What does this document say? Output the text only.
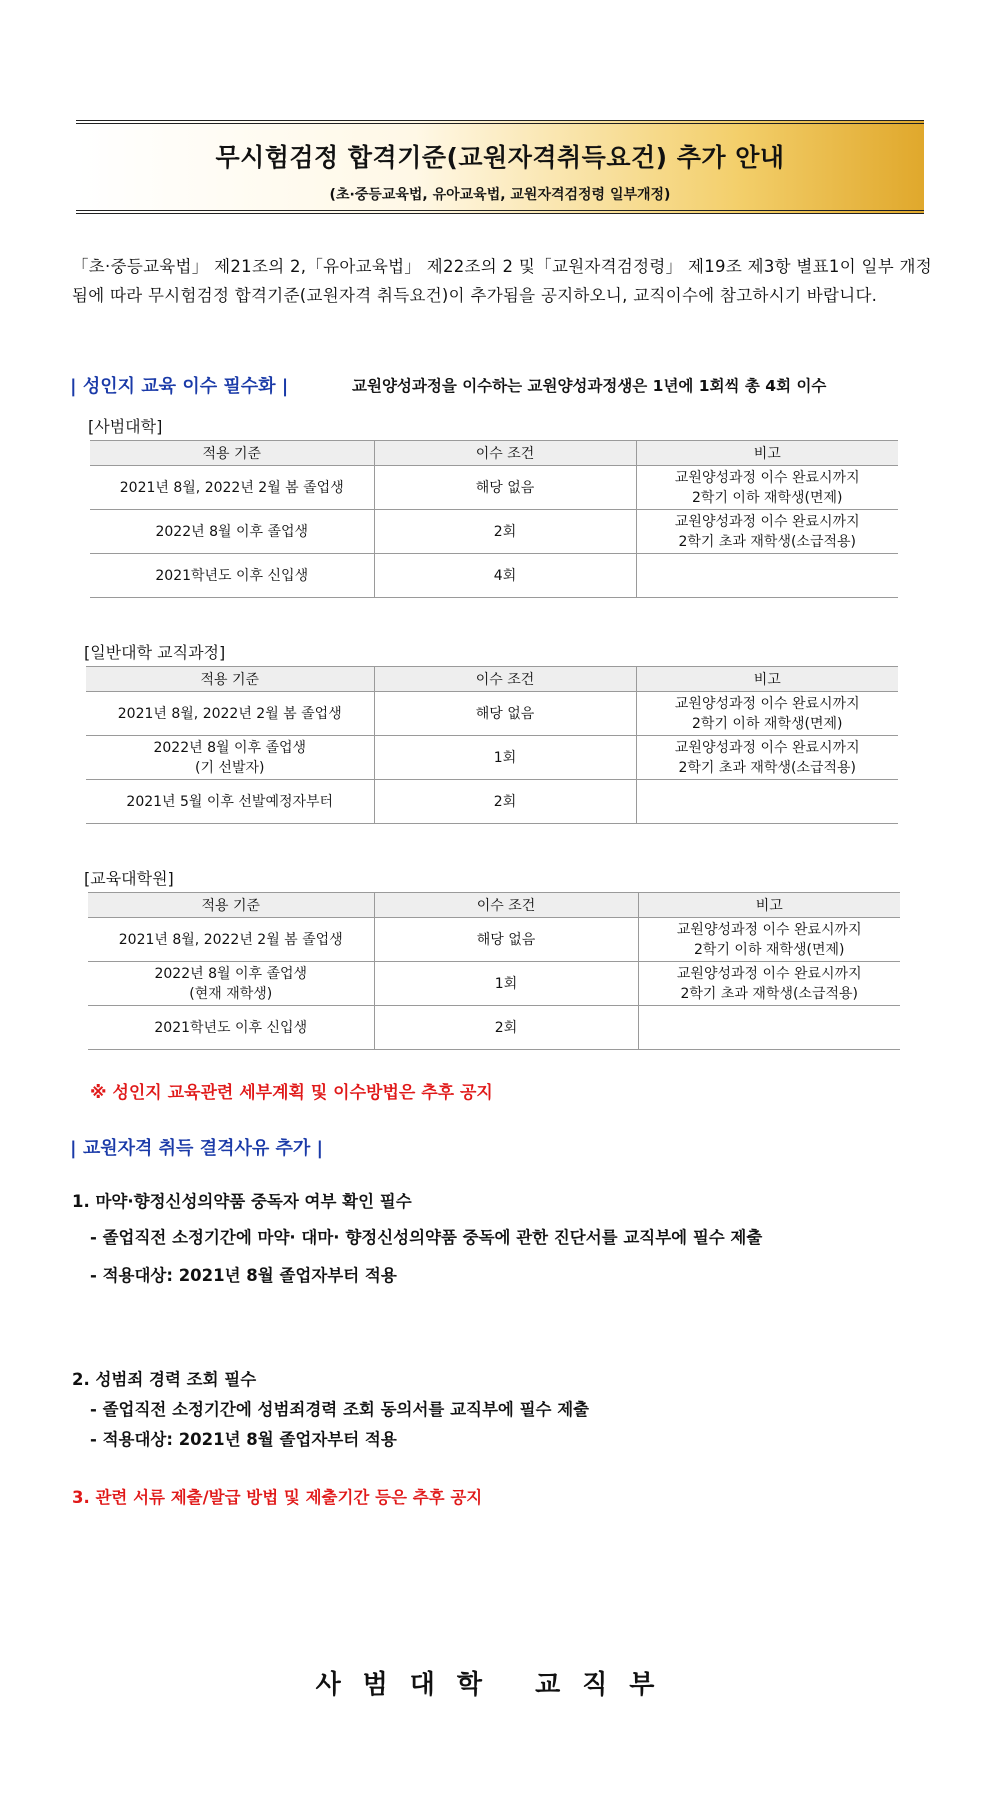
무시험검정 합격기준(교원자격취득요건) 추가 안내
(초·중등교육법, 유아교육법, 교원자격검정령 일부개정)
「초·중등교육법」 제21조의 2,「유아교육법」 제22조의 2 및「교원자격검정령」 제19조 제3항 별표1이 일부 개정됨에 따라 무시험검정 합격기준(교원자격 취득요건)이 추가됨을 공지하오니, 교직이수에 참고하시기 바랍니다.
| 성인지 교육 이수 필수화 |	교원양성과정을 이수하는 교원양성과정생은 1년에 1회씩 총 4회 이수
[사범대학]
적용 기준	이수 조건	비고
2021년 8월, 2022년 2월 봄 졸업생	해당 없음	교원양성과정 이수 완료시까지
2학기 이하 재학생(면제)
2022년 8월 이후 졸업생	2회	교원양성과정 이수 완료시까지
2학기 초과 재학생(소급적용)
2021학년도 이후 신입생	4회	
[일반대학 교직과정]
적용 기준	이수 조건	비고
2021년 8월, 2022년 2월 봄 졸업생	해당 없음	교원양성과정 이수 완료시까지
2학기 이하 재학생(면제)
2022년 8월 이후 졸업생
(기 선발자)	1회	교원양성과정 이수 완료시까지
2학기 초과 재학생(소급적용)
2021년 5월 이후 선발예정자부터	2회	
[교육대학원]
적용 기준	이수 조건	비고
2021년 8월, 2022년 2월 봄 졸업생	해당 없음	교원양성과정 이수 완료시까지
2학기 이하 재학생(면제)
2022년 8월 이후 졸업생
(현재 재학생)	1회	교원양성과정 이수 완료시까지
2학기 초과 재학생(소급적용)
2021학년도 이후 신입생	2회	
※ 성인지 교육관련 세부계획 및 이수방법은 추후 공지
| 교원자격 취득 결격사유 추가 |
1. 마약·향정신성의약품 중독자 여부 확인 필수
- 졸업직전 소정기간에 마약· 대마· 향정신성의약품 중독에 관한 진단서를 교직부에 필수 제출
- 적용대상: 2021년 8월 졸업자부터 적용
2. 성범죄 경력 조회 필수
- 졸업직전 소정기간에 성범죄경력 조회 동의서를 교직부에 필수 제출
- 적용대상: 2021년 8월 졸업자부터 적용
3. 관련 서류 제출/발급 방법 및 제출기간 등은 추후 공지
사범대학 교직부
